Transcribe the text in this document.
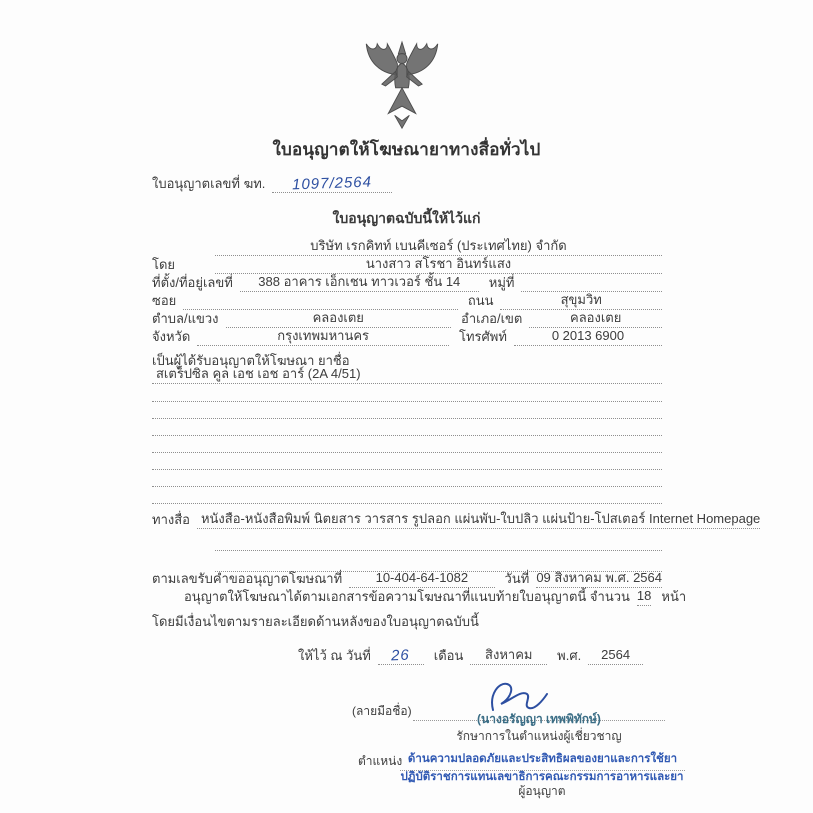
ใบอนุญาตให้โฆษณายาทางสื่อทั่วไป
ใบอนุญาตเลขที่ ฆท.	1097/2564
ใบอนุญาตฉบับนี้ให้ไว้แก่
บริษัท เรกคิทท์ เบนคีเซอร์ (ประเทศไทย) จำกัด
โดย	นางสาว สโรชา อินทร์แสง
ที่ตั้ง/ที่อยู่เลขที่	388 อาคาร เอ็กเชน ทาวเวอร์ ชั้น 14	หมู่ที่
ซอย	ถนน	สุขุมวิท
ตำบล/แขวง	คลองเตย	อำเภอ/เขต	คลองเตย
จังหวัด	กรุงเทพมหานคร	โทรศัพท์	0 2013 6900
เป็นผู้ได้รับอนุญาตให้โฆษณา ยาชื่อ
สเตร็ปซิล คูล เอช เอช อาร์ (2A 4/51)
ทางสื่อ หนังสือ-หนังสือพิมพ์ นิตยสาร วารสาร รูปลอก แผ่นพับ-ใบปลิว แผ่นป้าย-โปสเตอร์ Internet Homepage
ตามเลขรับคำขออนุญาตโฆษณาที่	10-404-64-1082	วันที่ 09 สิงหาคม พ.ศ. 2564
อนุญาตให้โฆษณาได้ตามเอกสารข้อความโฆษณาที่แนบท้ายใบอนุญาตนี้ จำนวน 18 หน้า
โดยมีเงื่อนไขตามรายละเอียดด้านหลังของใบอนุญาตฉบับนี้
ให้ไว้ ณ วันที่	26	เดือน	สิงหาคม	พ.ศ.	2564
(ลายมือชื่อ)
(นางอรัญญา เทพพิทักษ์)
รักษาการในตำแหน่งผู้เชี่ยวชาญ
ตำแหน่ง ด้านความปลอดภัยและประสิทธิผลของยาและการใช้ยา
ปฏิบัติราชการแทนเลขาธิการคณะกรรมการอาหารและยา
ผู้อนุญาต
